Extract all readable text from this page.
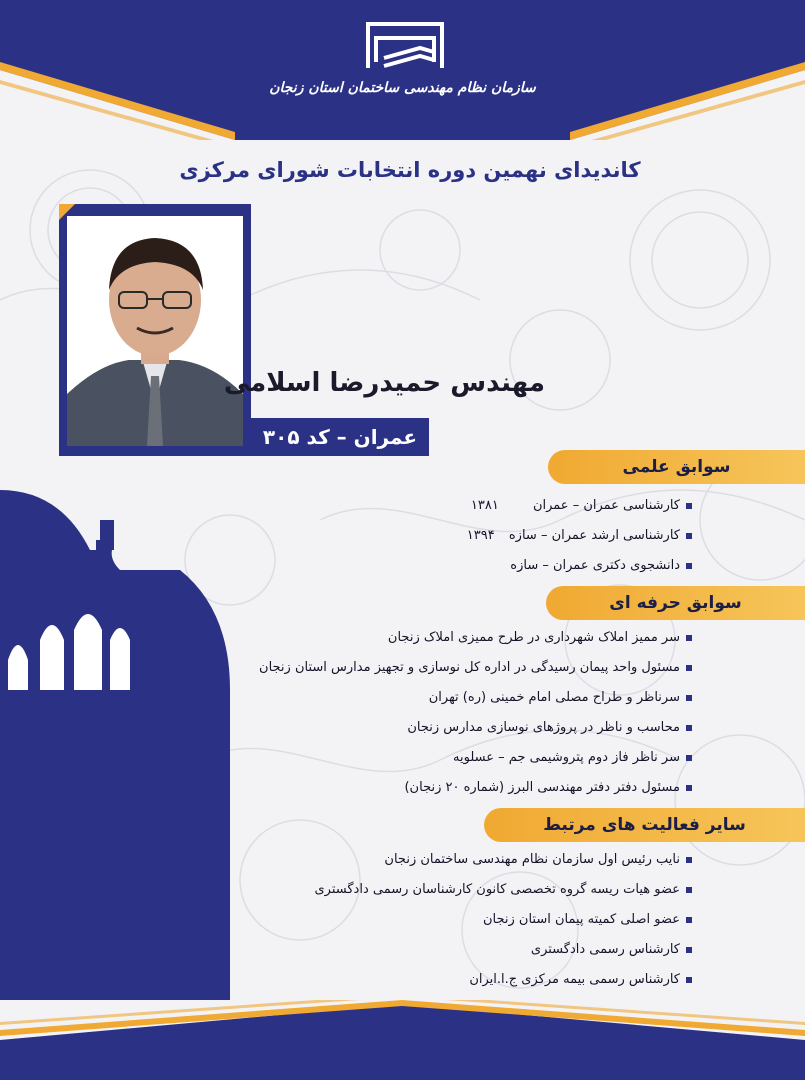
سازمان نظام مهندسی ساختمان استان زنجان
کاندیدای نهمین دوره انتخابات شورای مرکزی
مهندس حمیدرضا اسلامی
عمران – کد ۳۰۵
سوابق علمی
کارشناسی عمران – عمران ۱۳۸۱
کارشناسی ارشد عمران – سازه ۱۳۹۴
دانشجوی دکتری عمران – سازه
سوابق حرفه ای
سر ممیز املاک شهرداری در طرح ممیزی املاک زنجان
مسئول واحد پیمان رسیدگی در اداره کل نوسازی و تجهیز مدارس استان زنجان
سرناظر و طراح مصلی امام خمینی (ره) تهران
محاسب و ناظر در پروژهای نوسازی مدارس زنجان
سر ناظر فاز دوم پتروشیمی جم – عسلویه
مسئول دفتر دفتر مهندسی البرز (شماره ۲۰ زنجان)
سایر فعالیت های مرتبط
نایب رئیس اول سازمان نظام مهندسی ساختمان زنجان
عضو هیات ریسه گروه تخصصی کانون کارشناسان رسمی دادگستری
عضو اصلی کمیته پیمان استان زنجان
کارشناس رسمی دادگستری
کارشناس رسمی بیمه مرکزی ج.ا.ایران
